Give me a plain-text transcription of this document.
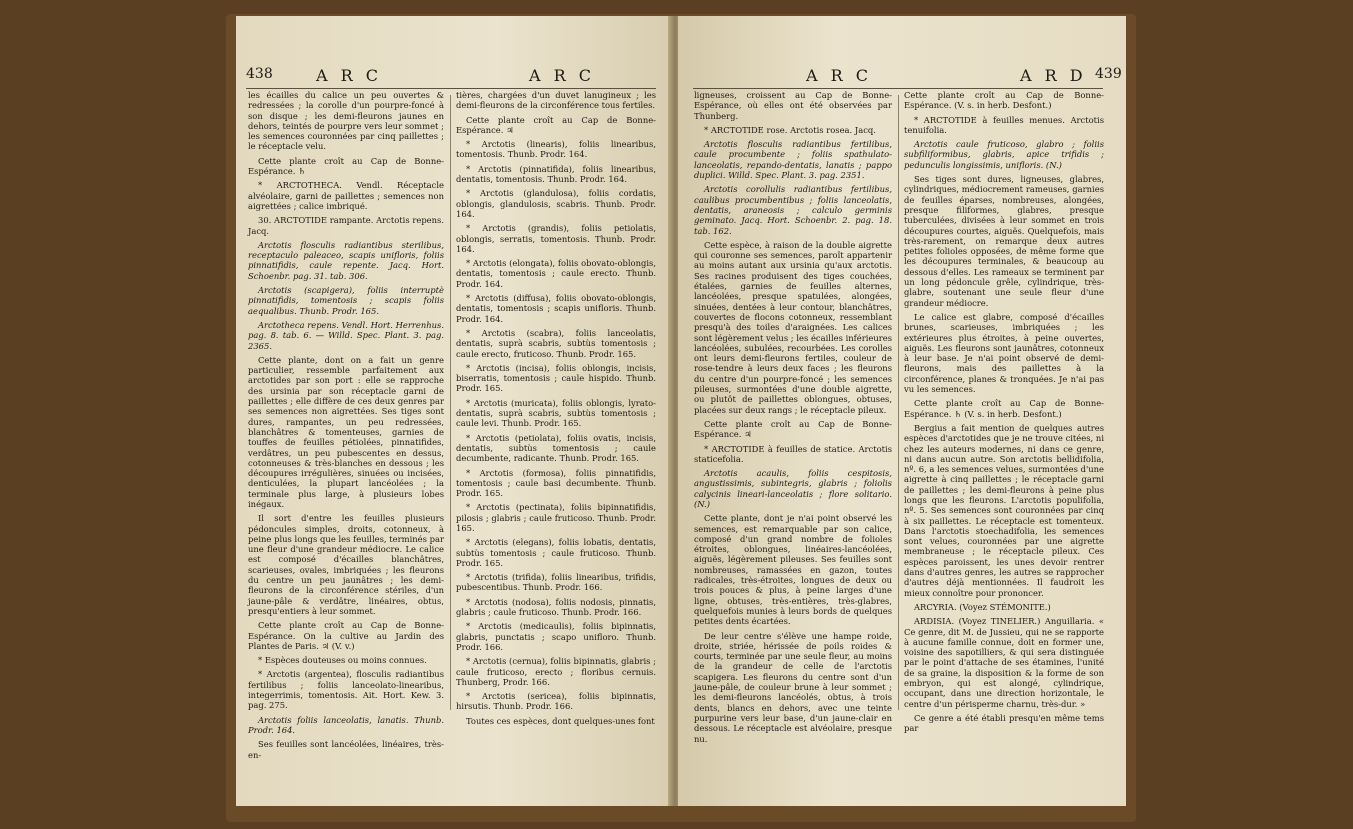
438	A R C	A R C	A R C	A R D 439

les écailles du calice un peu ouvertes & redressées ; la corolle d'un pourpre-foncé à son disque ; les demi-fleurons jaunes en dehors, teintés de pourpre vers leur sommet ; les semences couronnées par cinq paillettes ; le réceptacle velu.

Cette plante croît au Cap de Bonne-Espérance. ♄

* ARCTOTHECA. Vendl. Réceptacle alvéolaire, garni de paillettes ; semences non aigrettées ; calice imbriqué.

30. ARCTOTIDE rampante. Arctotis repens. Jacq.

Arctotis flosculis radiantibus sterilibus, receptaculo paleaceo, scapis unifloris, foliis pinnatifidis, caule repente. Jacq. Hort. Schoenbr. pag. 31. tab. 306.

Arctotis (scapigera), foliis interruptè pinnatifidis, tomentosis ; scapis foliis aequalibus. Thunb. Prodr. 165.

Arctotheca repens. Vendl. Hort. Herrenhus. pag. 8. tab. 6. — Willd. Spec. Plant. 3. pag. 2365.

Cette plante, dont on a fait un genre particulier, ressemble parfaitement aux arctotides par son port : elle se rapproche des ursinia par son réceptacle garni de paillettes ; elle diffère de ces deux genres par ses semences non aigrettées. Ses tiges sont dures, rampantes, un peu redressées, blanchâtres & tomenteuses, garnies de touffes de feuilles pétiolées, pinnatifides, verdâtres, un peu pubescentes en dessus, cotonneuses & très-blanches en dessous ; les découpures irrégulières, sinuées ou incisées, denticulées, la plupart lancéolées ; la terminale plus large, à plusieurs lobes inégaux.

Il sort d'entre les feuilles plusieurs pédoncules simples, droits, cotonneux, à peine plus longs que les feuilles, terminés par une fleur d'une grandeur médiocre. Le calice est composé d'écailles blanchâtres, scarieuses, ovales, imbriquées ; les fleurons du centre un peu jaunâtres ; les demi-fleurons de la circonférence stériles, d'un jaune-pâle & verdâtre, linéaires, obtus, presqu'entiers à leur sommet.

Cette plante croît au Cap de Bonne-Espérance. On la cultive au Jardin des Plantes de Paris. ♃ (V. v.)

* Espèces douteuses ou moins connues.

* Arctotis (argentea), flosculis radiantibus fertilibus ; foliis lanceolato-linearibus, integerrimis, tomentosis. Ait. Hort. Kew. 3. pag. 275.

Arctotis foliis lanceolatis, lanatis. Thunb. Prodr. 164.

Ses feuilles sont lancéolées, linéaires, très-en-

tières, chargées d'un duvet lanugineux ; les demi-fleurons de la circonférence tous fertiles.

Cette plante croît au Cap de Bonne-Espérance. ♃

* Arctotis (linearis), foliis linearibus, tomentosis. Thunb. Prodr. 164.

* Arctotis (pinnatifida), foliis linearibus, dentatis, tomentosis. Thunb. Prodr. 164.

* Arctotis (glandulosa), foliis cordatis, oblongis, glandulosis, scabris. Thunb. Prodr. 164.

* Arctotis (grandis), foliis petiolatis, oblongis, serratis, tomentosis. Thunb. Prodr. 164.

* Arctotis (elongata), foliis obovato-oblongis, dentatis, tomentosis ; caule erecto. Thunb. Prodr. 164.

* Arctotis (diffusa), foliis obovato-oblongis, dentatis, tomentosis ; scapis unifloris. Thunb. Prodr. 164.

* Arctotis (scabra), foliis lanceolatis, dentatis, suprà scabris, subtùs tomentosis ; caule erecto, fruticoso. Thunb. Prodr. 165.

* Arctotis (incisa), foliis oblongis, incisis, biserratis, tomentosis ; caule hispido. Thunb. Prodr. 165.

* Arctotis (muricata), foliis oblongis, lyrato-dentatis, suprà scabris, subtùs tomentosis ; caule levi. Thunb. Prodr. 165.

* Arctotis (petiolata), foliis ovatis, incisis, dentatis, subtùs tomentosis ; caule decumbente, radicante. Thunb. Prodr. 165.

* Arctotis (formosa), foliis pinnatifidis, tomentosis ; caule basi decumbente. Thunb. Prodr. 165.

* Arctotis (pectinata), foliis bipinnatifidis, pilosis ; glabris ; caule fruticoso. Thunb. Prodr. 165.

* Arctotis (elegans), foliis lobatis, dentatis, subtùs tomentosis ; caule fruticoso. Thunb. Prodr. 165.

* Arctotis (trifida), foliis linearibus, trifidis, pubescentibus. Thunb. Prodr. 166.

* Arctotis (nodosa), foliis nodosis, pinnatis, glabris ; caule fruticoso. Thunb. Prodr. 166.

* Arctotis (medicaulis), foliis bipinnatis, glabris, punctatis ; scapo unifloro. Thunb. Prodr. 166.

* Arctotis (cernua), foliis bipinnatis, glabris ; caule fruticoso, erecto ; floribus cernuis. Thunberg, Prodr. 166.

* Arctotis (sericea), foliis bipinnatis, hirsutis. Thunb. Prodr. 166.

Toutes ces espèces, dont quelques-unes font

ligneuses, croissent au Cap de Bonne-Espérance, où elles ont été observées par Thunberg.

* ARCTOTIDE rose. Arctotis rosea. Jacq.

Arctotis flosculis radiantibus fertilibus, caule procumbente ; foliis spathulato-lanceolatis, repando-dentatis, lanatis ; pappo duplici. Willd. Spec. Plant. 3. pag. 2351.

Arctotis corollulis radiantibus fertilibus, caulibus procumbentibus ; foliis lanceolatis, dentatis, araneosis ; calculo germinis geminato. Jacq. Hort. Schoenbr. 2. pag. 18. tab. 162.

Cette espèce, à raison de la double aigrette qui couronne ses semences, paroît appartenir au moins autant aux ursinia qu'aux arctotis. Ses racines produisent des tiges couchées, étalées, garnies de feuilles alternes, lancéolées, presque spatulées, alongées, sinuées, dentées à leur contour, blanchâtres, couvertes de flocons cotonneux, ressemblant presqu'à des toiles d'araignées. Les calices sont légèrement velus ; les écailles inférieures lancéolées, subulées, recourbées. Les corolles ont leurs demi-fleurons fertiles, couleur de rose-tendre à leurs deux faces ; les fleurons du centre d'un pourpre-foncé ; les semences pileuses, surmontées d'une double aigrette, ou plutôt de paillettes oblongues, obtuses, placées sur deux rangs ; le réceptacle pileux.

Cette plante croît au Cap de Bonne-Espérance. ♃

* ARCTOTIDE à feuilles de statice. Arctotis staticefolia.

Arctotis acaulis, foliis cespitosis, angustissimis, subintegris, glabris ; foliolis calycinis lineari-lanceolatis ; flore solitario. (N.)

Cette plante, dont je n'ai point observé les semences, est remarquable par son calice, composé d'un grand nombre de folioles étroites, oblongues, linéaires-lancéolées, aiguës, légèrement pileuses. Ses feuilles sont nombreuses, ramassées en gazon, toutes radicales, très-étroites, longues de deux ou trois pouces & plus, à peine larges d'une ligne, obtuses, très-entières, très-glabres, quelquefois munies à leurs bords de quelques petites dents écartées.

De leur centre s'élève une hampe roide, droite, striée, hérissée de poils roides & courts, terminée par une seule fleur, au moins de la grandeur de celle de l'arctotis scapigera. Les fleurons du centre sont d'un jaune-pâle, de couleur brune à leur sommet ; les demi-fleurons lancéolés, obtus, à trois dents, blancs en dehors, avec une teinte purpurine vers leur base, d'un jaune-clair en dessous. Le réceptacle est alvéolaire, presque nu.

Cette plante croît au Cap de Bonne-Espérance. (V. s. in herb. Desfont.)

* ARCTOTIDE à feuilles menues. Arctotis tenuifolia.

Arctotis caule fruticoso, glabro ; foliis subfiliformibus, glabris, apice trifidis ; pedunculis longissimis, unifloris. (N.)

Ses tiges sont dures, ligneuses, glabres, cylindriques, médiocrement rameuses, garnies de feuilles éparses, nombreuses, alongées, presque filiformes, glabres, presque tuberculées, divisées à leur sommet en trois découpures courtes, aiguës. Quelquefois, mais très-rarement, on remarque deux autres petites folioles opposées, de même forme que les découpures terminales, & beaucoup au dessous d'elles. Les rameaux se terminent par un long pédoncule grêle, cylindrique, très-glabre, soutenant une seule fleur d'une grandeur médiocre.

Le calice est glabre, composé d'écailles brunes, scarieuses, imbriquées ; les extérieures plus étroites, à peine ouvertes, aiguës. Les fleurons sont jaunâtres, cotonneux à leur base. Je n'ai point observé de demi-fleurons, mais des paillettes à la circonférence, planes & tronquées. Je n'ai pas vu les semences.

Cette plante croît au Cap de Bonne-Espérance. ♄ (V. s. in herb. Desfont.)

Bergius a fait mention de quelques autres espèces d'arctotides que je ne trouve citées, ni chez les auteurs modernes, ni dans ce genre, ni dans aucun autre. Son arctotis bellidifolia, nº. 6, a les semences velues, surmontées d'une aigrette à cinq paillettes ; le réceptacle garni de paillettes ; les demi-fleurons à peine plus longs que les fleurons. L'arctotis populifolia, nº. 5. Ses semences sont couronnées par cinq à six paillettes. Le réceptacle est tomenteux. Dans l'arctotis stoechadifolia, les semences sont velues, couronnées par une aigrette membraneuse ; le réceptacle pileux. Ces espèces paroissent, les unes devoir rentrer dans d'autres genres, les autres se rapprocher d'autres déjà mentionnées. Il faudroit les mieux connoître pour prononcer.

ARCYRIA. (Voyez STÉMONITE.)

ARDISIA. (Voyez TINELIER.) Anguillaria. « Ce genre, dit M. de Jussieu, qui ne se rapporte à aucune famille connue, doit en former une, voisine des sapotilliers, & qui sera distinguée par le point d'attache de ses étamines, l'unité de sa graine, la disposition & la forme de son embryon, qui est alongé, cylindrique, occupant, dans une direction horizontale, le centre d'un périsperme charnu, très-dur. »

Ce genre a été établi presqu'en même tems par
